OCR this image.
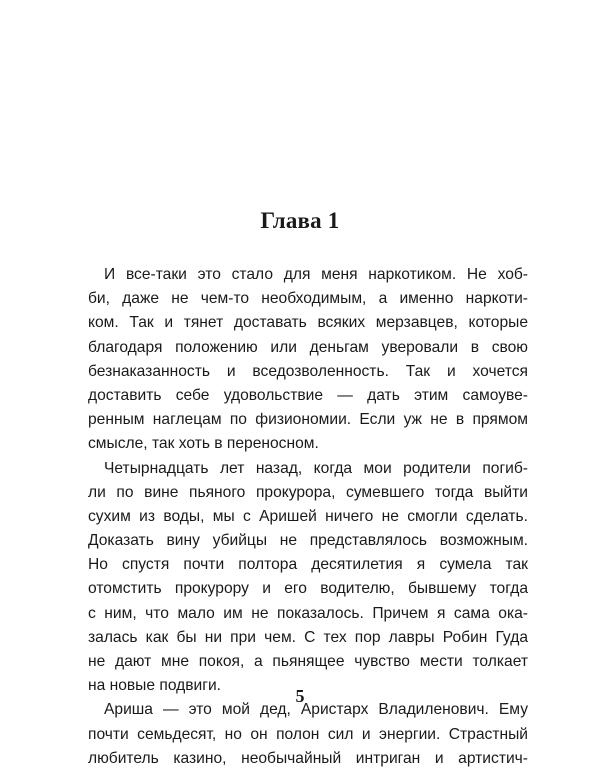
Глава 1
И все-таки это стало для меня наркотиком. Не хоб-
би, даже не чем-то необходимым, а именно наркоти-
ком. Так и тянет доставать всяких мерзавцев, которые
благодаря положению или деньгам уверовали в свою
безнаказанность и вседозволенность. Так и хочется
доставить себе удовольствие — дать этим самоуве-
ренным наглецам по физиономии. Если уж не в прямом
смысле, так хоть в переносном.
Четырнадцать лет назад, когда мои родители погиб-
ли по вине пьяного прокурора, сумевшего тогда выйти
сухим из воды, мы с Аришей ничего не смогли сделать.
Доказать вину убийцы не представлялось возможным.
Но спустя почти полтора десятилетия я сумела так
отомстить прокурору и его водителю, бывшему тогда
с ним, что мало им не показалось. Причем я сама ока-
залась как бы ни при чем. С тех пор лавры Робин Гуда
не дают мне покоя, а пьянящее чувство мести толкает
на новые подвиги.
Ариша — это мой дед, Аристарх Владиленович. Ему
почти семьдесят, но он полон сил и энергии. Страстный
любитель казино, необычайный интриган и артистич-

5
